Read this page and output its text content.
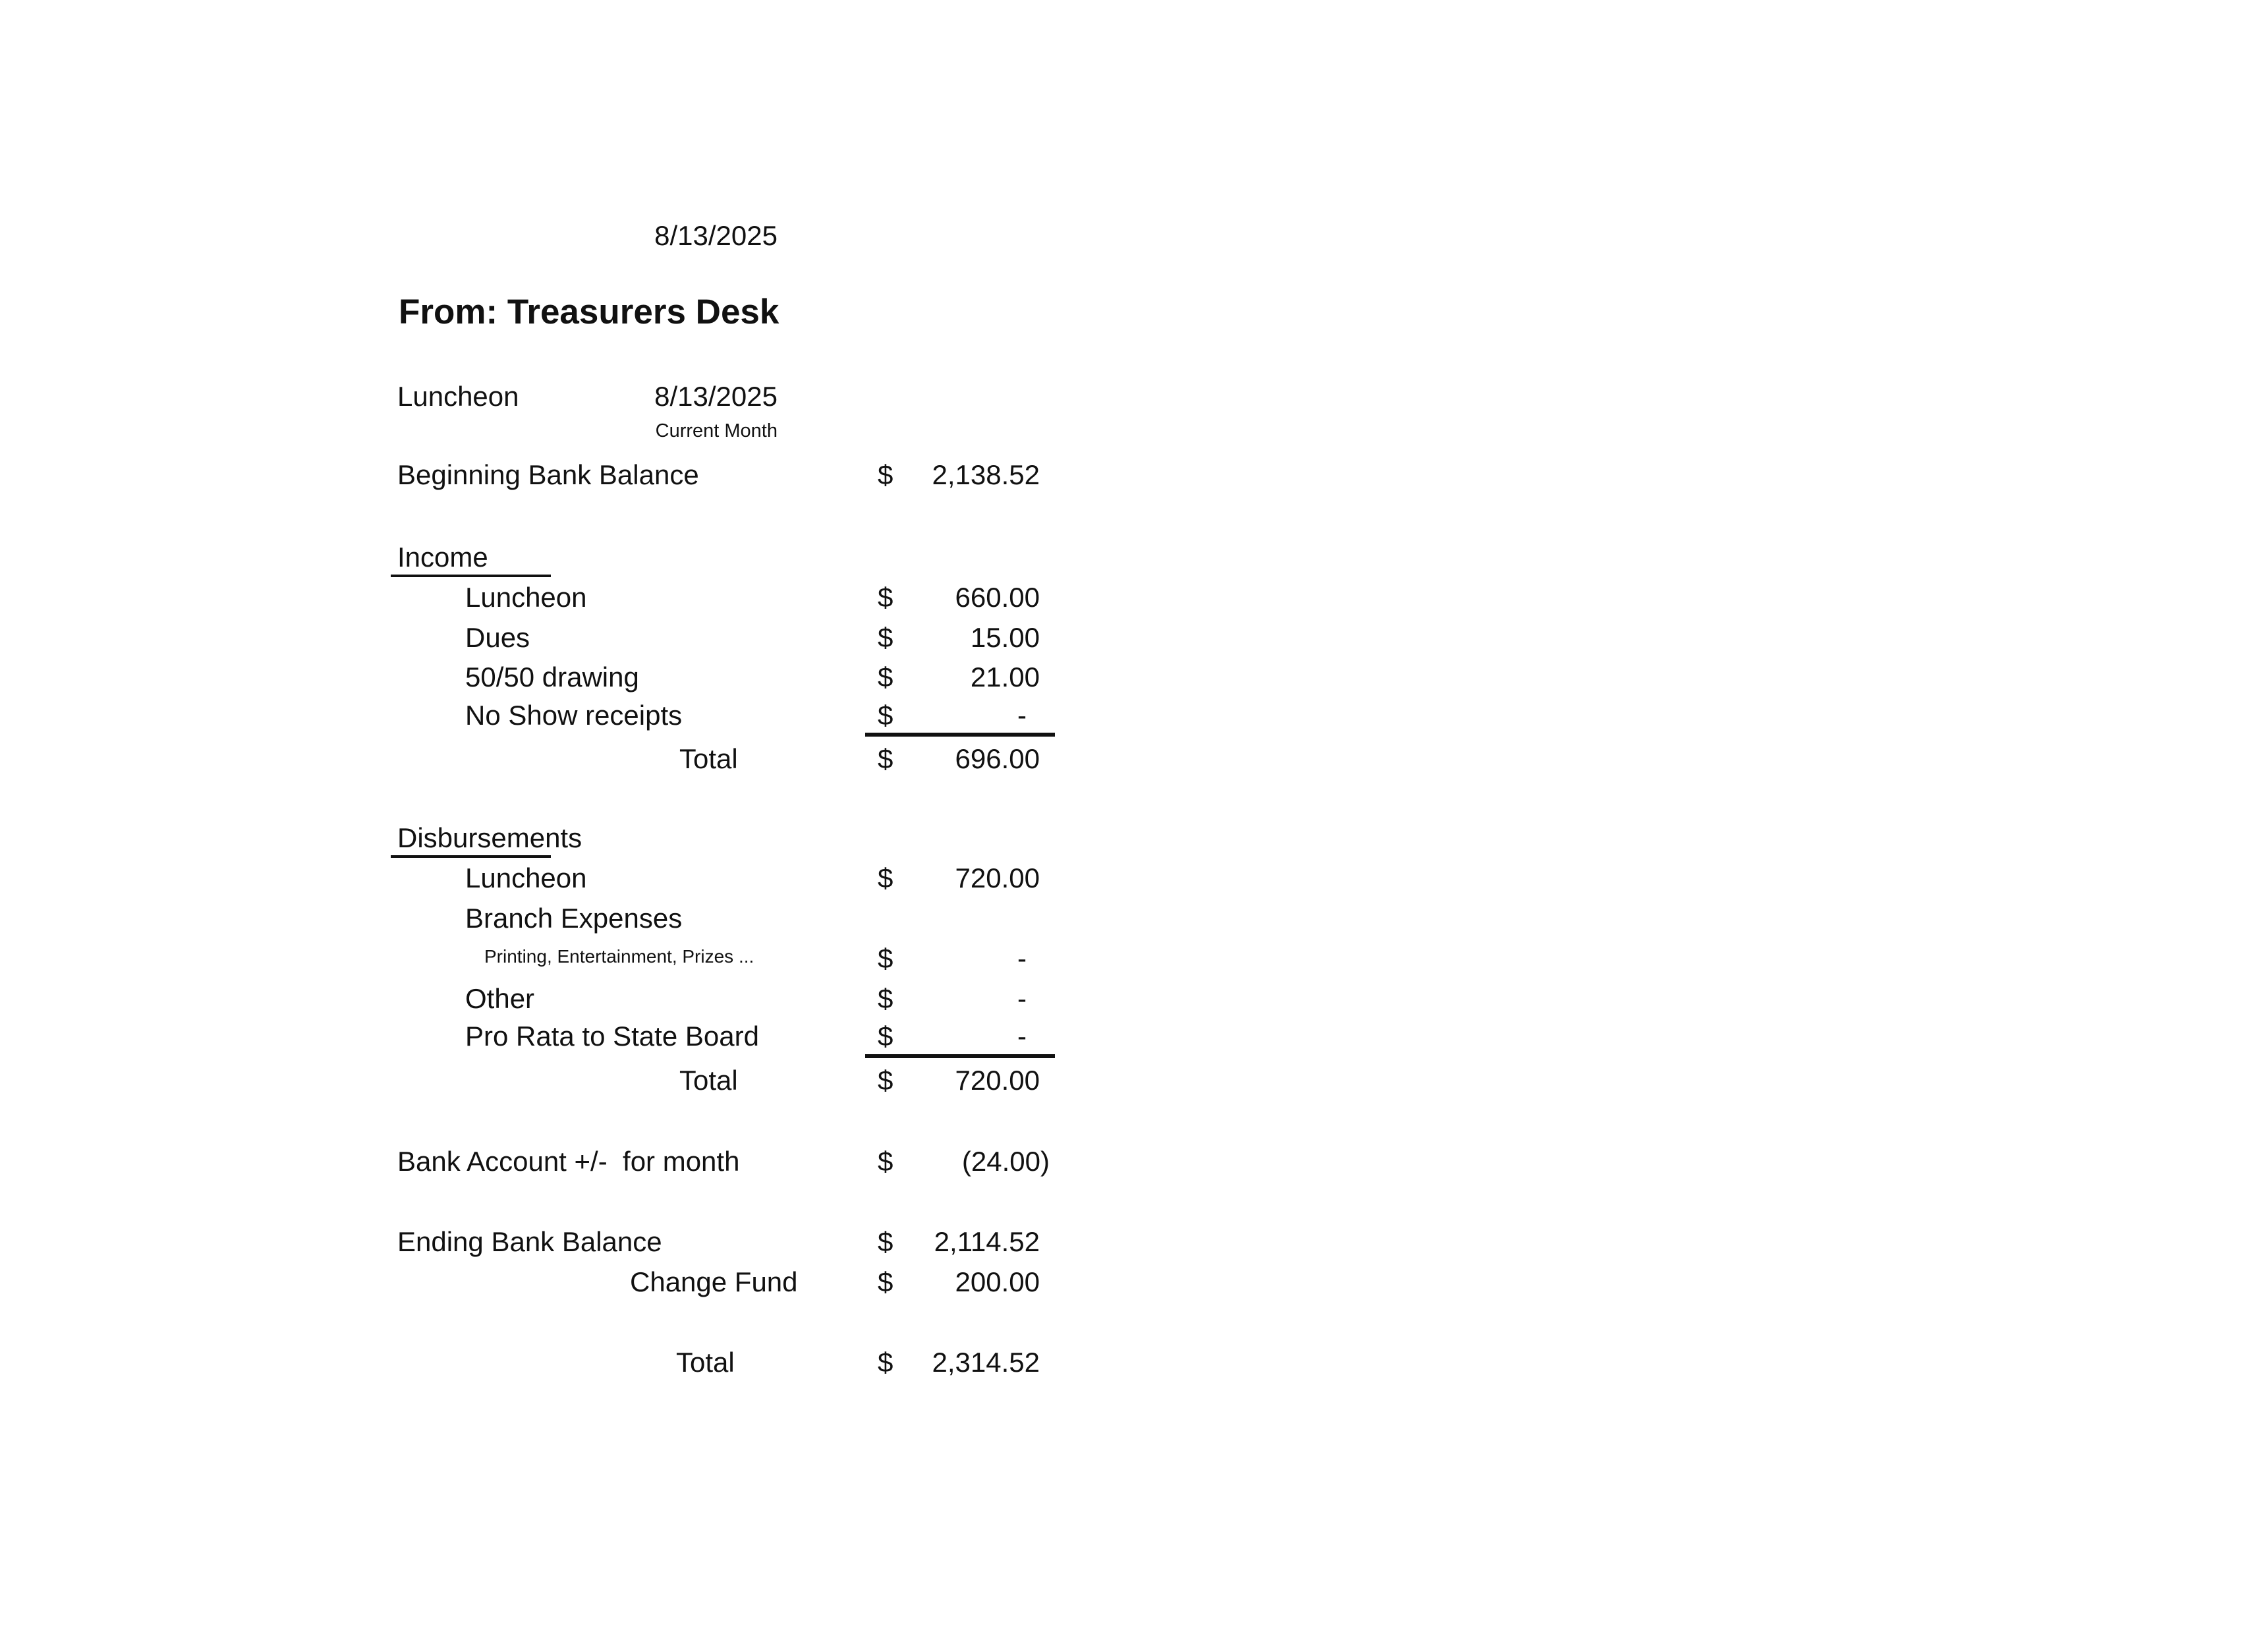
8/13/2025
From: Treasurers Desk
Luncheon	8/13/2025
Current Month
Beginning Bank Balance	$ 2,138.52
Income
Luncheon	$ 660.00
Dues	$	15.00
50/50 drawing	$	21.00
No Show receipts	$	-
Total	$ 696.00
Disbursements
Luncheon	$ 720.00
Branch Expenses
Printing, Entertainment, Prizes ...	$	-
Other	$	-
Pro Rata to State Board	$	-
Total	$ 720.00
Bank Account +/-  for month	$ (24.00)
Ending Bank Balance	$ 2,114.52
Change Fund	$ 200.00
Total	$ 2,314.52
